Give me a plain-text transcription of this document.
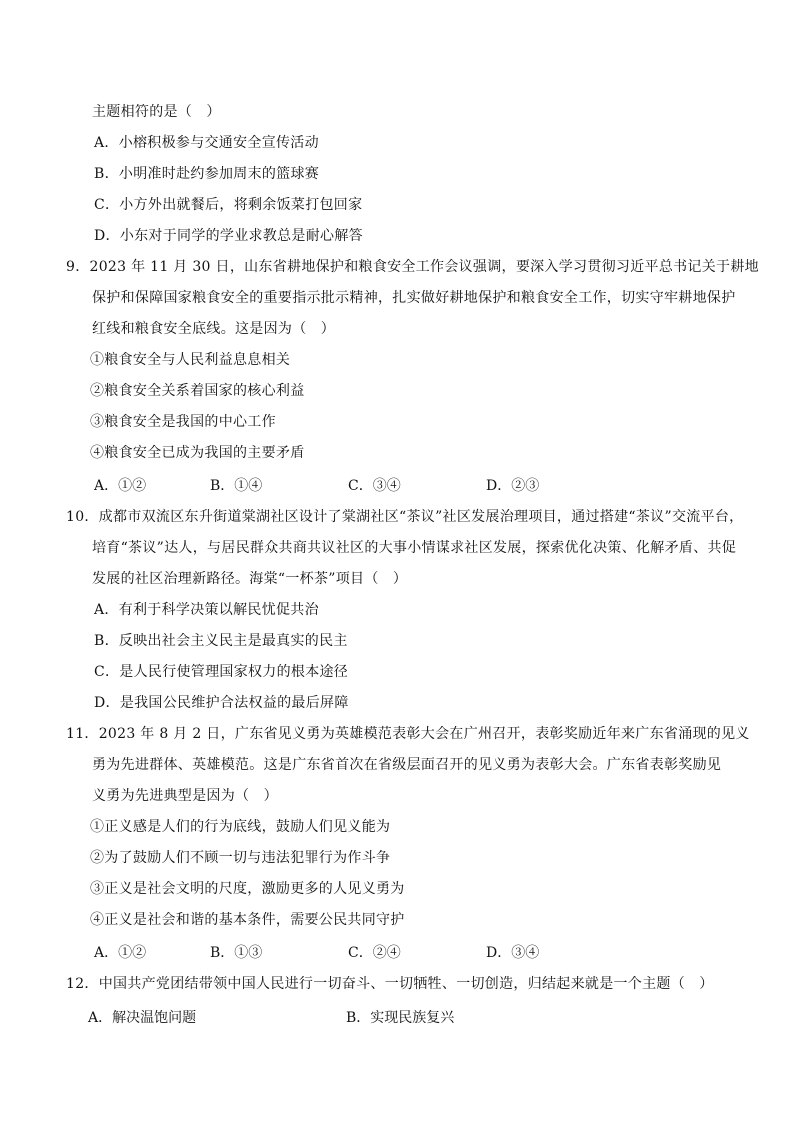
主题相符的是（　）
A．小榕积极参与交通安全宣传活动
B．小明准时赴约参加周末的篮球赛
C．小方外出就餐后，将剩余饭菜打包回家
D．小东对于同学的学业求教总是耐心解答
9．2023 年 11 月 30 日，山东省耕地保护和粮食安全工作会议强调，要深入学习贯彻习近平总书记关于耕地
保护和保障国家粮食安全的重要指示批示精神，扎实做好耕地保护和粮食安全工作，切实守牢耕地保护
红线和粮食安全底线。这是因为（　）
①粮食安全与人民利益息息相关
②粮食安全关系着国家的核心利益
③粮食安全是我国的中心工作
④粮食安全已成为我国的主要矛盾
A．①②	B．①④	C．③④	D．②③
10．成都市双流区东升街道棠湖社区设计了棠湖社区“茶议”社区发展治理项目，通过搭建“茶议”交流平台，
培育“茶议”达人，与居民群众共商共议社区的大事小情谋求社区发展，探索优化决策、化解矛盾、共促
发展的社区治理新路径。海棠“一杯茶”项目（　）
A．有利于科学决策以解民忧促共治
B．反映出社会主义民主是最真实的民主
C．是人民行使管理国家权力的根本途径
D．是我国公民维护合法权益的最后屏障
11．2023 年 8 月 2 日，广东省见义勇为英雄模范表彰大会在广州召开，表彰奖励近年来广东省涌现的见义
勇为先进群体、英雄模范。这是广东省首次在省级层面召开的见义勇为表彰大会。广东省表彰奖励见
义勇为先进典型是因为（　）
①正义感是人们的行为底线，鼓励人们见义能为
②为了鼓励人们不顾一切与违法犯罪行为作斗争
③正义是社会文明的尺度，激励更多的人见义勇为
④正义是社会和谐的基本条件，需要公民共同守护
A．①②	B．①③	C．②④	D．③④
12．中国共产党团结带领中国人民进行一切奋斗、一切牺牲、一切创造，归结起来就是一个主题（　）
A．解决温饱问题	B．实现民族复兴
